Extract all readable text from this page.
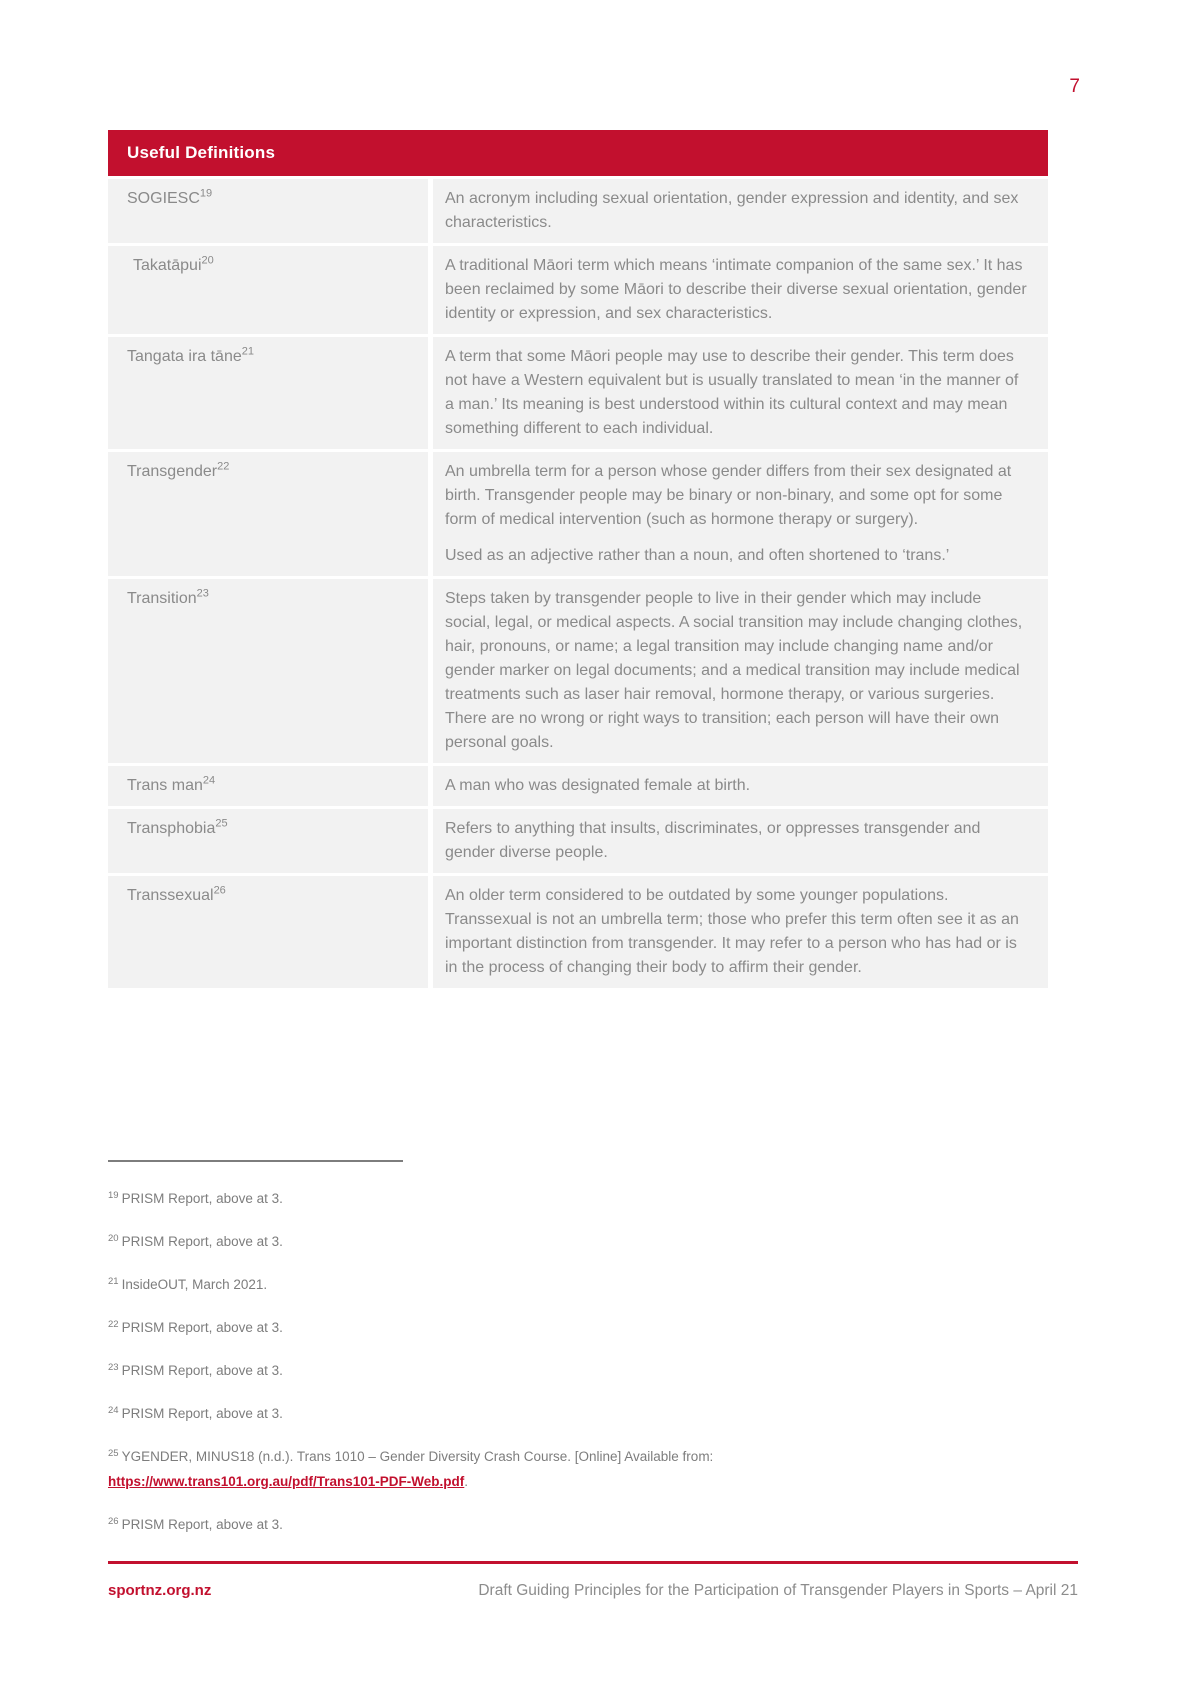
7
Useful Definitions
SOGIESC$^{19}$	An acronym including sexual orientation, gender expression and identity, and sex characteristics.

Takatāpui$^{20}$	A traditional Māori term which means ‘intimate companion of the same sex.’ It has been reclaimed by some Māori to describe their diverse sexual orientation, gender identity or expression, and sex characteristics.

Tangata ira tāne$^{21}$	A term that some Māori people may use to describe their gender. This term does not have a Western equivalent but is usually translated to mean ‘in the manner of a man.’ Its meaning is best understood within its cultural context and may mean something different to each individual.

Transgender$^{22}$	An umbrella term for a person whose gender differs from their sex designated at birth. Transgender people may be binary or non-binary, and some opt for some form of medical intervention (such as hormone therapy or surgery).

Used as an adjective rather than a noun, and often shortened to ‘trans.’

Transition$^{23}$	Steps taken by transgender people to live in their gender which may include social, legal, or medical aspects. A social transition may include changing clothes, hair, pronouns, or name; a legal transition may include changing name and/or gender marker on legal documents; and a medical transition may include medical treatments such as laser hair removal, hormone therapy, or various surgeries. There are no wrong or right ways to transition; each person will have their own personal goals.

Trans man$^{24}$	A man who was designated female at birth.

Transphobia$^{25}$	Refers to anything that insults, discriminates, or oppresses transgender and gender diverse people.

Transsexual$^{26}$	An older term considered to be outdated by some younger populations. Transsexual is not an umbrella term; those who prefer this term often see it as an important distinction from transgender. It may refer to a person who has had or is in the process of changing their body to affirm their gender.

$^{19}$ PRISM Report, above at 3.
$^{20}$ PRISM Report, above at 3.
$^{21}$ InsideOUT, March 2021.
$^{22}$ PRISM Report, above at 3.
$^{23}$ PRISM Report, above at 3.
$^{24}$ PRISM Report, above at 3.
$^{25}$ YGENDER, MINUS18 (n.d.). Trans 1010 – Gender Diversity Crash Course. [Online] Available from:
https://www.trans101.org.au/pdf/Trans101-PDF-Web.pdf.
$^{26}$ PRISM Report, above at 3.
sportnz.org.nz	Draft Guiding Principles for the Participation of Transgender Players in Sports – April 21
